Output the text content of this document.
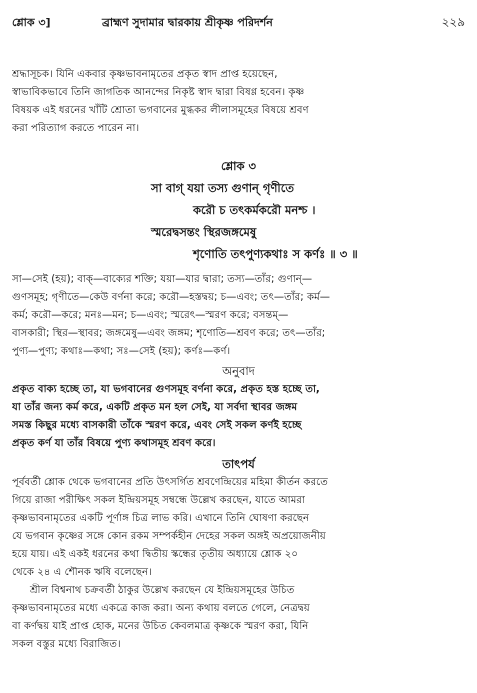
শ্লোক ৩]	ব্রাহ্মণ সুদামার দ্বারকায় শ্রীকৃষ্ণ পরিদর্শন	২২৯
শ্রদ্ধাসূচক। যিনি একবার কৃষ্ণভাবনামৃতের প্রকৃত স্বাদ প্রাপ্ত হয়েছেন,
স্বাভাবিকভাবে তিনি জাগতিক আনন্দের নিকৃষ্ট স্বাদ দ্বারা বিষণ্ণ হবেন। কৃষ্ণ
বিষয়ক এই ধরনের খাঁটি শ্রোতা ভগবানের মুগ্ধকর লীলাসমূহের বিষয়ে শ্রবণ
করা পরিত্যাগ করতে পারেন না।
শ্লোক ৩
সা বাগ্‌ যয়া তস্য গুণান্‌ গৃণীতে
করৌ চ তৎকর্মকরৌ মনশ্চ ।
স্মরেদ্বসন্তং স্থিরজঙ্গমেষু
শৃণোতি তৎপুণ্যকথাঃ স কর্ণঃ ॥ ৩ ॥
সা—সেই (হয়); বাক্‌—বাক্যের শক্তি; যয়া—যার দ্বারা; তস্য—তাঁর; গুণান্‌—
গুণসমূহ; গৃণীতে—কেউ বর্ণনা করে; করৌ—হস্তদ্বয়; চ—এবং; তৎ—তাঁর; কর্ম—
কর্ম; করৌ—করে; মনঃ—মন; চ—এবং; স্মরেৎ—স্মরণ করে; বসন্তম্‌—
বাসকারী; স্থির—স্থাবর; জঙ্গমেষু—এবং জঙ্গম; শৃণোতি—শ্রবণ করে; তৎ—তাঁর;
পুণ্য—পুণ্য; কথাঃ—কথা; সঃ—সেই (হয়); কর্ণঃ—কর্ণ।
অনুবাদ
প্রকৃত বাক্য হচ্ছে তা, যা ভগবানের গুণসমূহ বর্ণনা করে, প্রকৃত হস্ত হচ্ছে তা,
যা তাঁর জন্য কর্ম করে, একটি প্রকৃত মন হল সেই, যা সর্বদা স্থাবর জঙ্গম
সমস্ত কিছুর মধ্যে বাসকারী তাঁকে স্মরণ করে, এবং সেই সকল কর্ণই হচ্ছে
প্রকৃত কর্ণ যা তাঁর বিষয়ে পুণ্য কথাসমূহ শ্রবণ করে।
তাৎপর্য
পূর্ববর্তী শ্লোক থেকে ভগবানের প্রতি উৎসর্গিত শ্রবণেন্দ্রিয়ের মহিমা কীর্তন করতে
গিয়ে রাজা পরীক্ষিৎ সকল ইন্দ্রিয়সমূহ সম্বন্ধে উল্লেখ করছেন, যাতে আমরা
কৃষ্ণভাবনামৃতের একটি পূর্ণাঙ্গ চিত্র লাভ করি। এখানে তিনি ঘোষণা করছেন
যে ভগবান কৃষ্ণের সঙ্গে কোন রকম সম্পর্কহীন দেহের সকল অঙ্গই অপ্রয়োজনীয়
হয়ে যায়। এই একই ধরনের কথা দ্বিতীয় স্কন্ধের তৃতীয় অধ্যায়ে শ্লোক ২০
থেকে ২৪ এ শৌনক ঋষি বলেছেন।
শ্রীল বিশ্বনাথ চক্রবর্তী ঠাকুর উল্লেখ করছেন যে ইন্দ্রিয়সমূহের উচিত
কৃষ্ণভাবনামৃতের মধ্যে একত্রে কাজ করা। অন্য কথায় বলতে গেলে, নেত্রদ্বয়
বা কর্ণদ্বয় যাই প্রাপ্ত হোক, মনের উচিত কেবলমাত্র কৃষ্ণকে স্মরণ করা, যিনি
সকল বস্তুর মধ্যে বিরাজিত।
